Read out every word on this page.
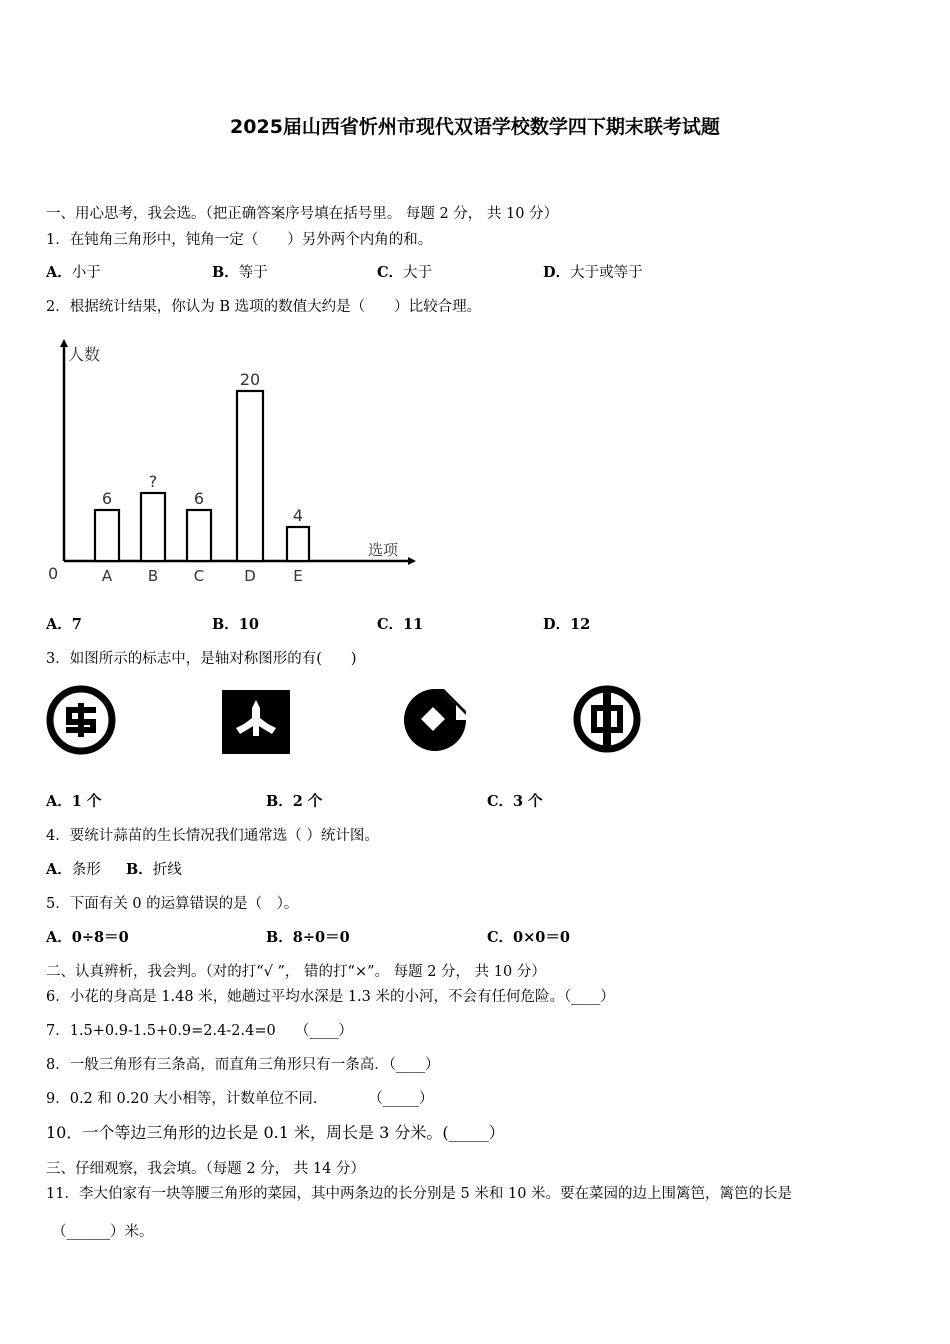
2025届山西省忻州市现代双语学校数学四下期末联考试题
一、用心思考，我会选。（把正确答案序号填在括号里。 每题 2 分， 共 10 分）
1．在钝角三角形中，钝角一定（　　）另外两个内角的和。
A．小于	B．等于	C．大于	D．大于或等于
2．根据统计结果，你认为 B 选项的数值大约是（　　）比较合理。
人数
选项
0
6
A
?
B
6
C
20
D
4
E
A．7	B．10	C．11	D．12
3．如图所示的标志中，是轴对称图形的有(　　)
A．1 个	B．2 个	C．3 个
4．要统计蒜苗的生长情况我们通常选（ ）统计图。
A．条形 B．折线
5．下面有关 0 的运算错误的是（　）。
A．0÷8＝0	B．8÷0＝0	C．0×0＝0
二、认真辨析，我会判。（对的打“√ ”， 错的打“×”。 每题 2 分， 共 10 分）
6．小花的身高是 1.48 米，她趟过平均水深是 1.3 米的小河，不会有任何危险。（____）
7．1.5+0.9-1.5+0.9=2.4-2.4=0　 （____）
8．一般三角形有三条高，而直角三角形只有一条高．（____）
9．0.2 和 0.20 大小相等，计数单位不同.　　　　（_____）
10．一个等边三角形的边长是 0.1 米，周长是 3 分米。(_____）
三、仔细观察，我会填。（每题 2 分， 共 14 分）
11．李大伯家有一块等腰三角形的菜园，其中两条边的长分别是 5 米和 10 米。要在菜园的边上围篱笆，篱笆的长是
（______）米。
